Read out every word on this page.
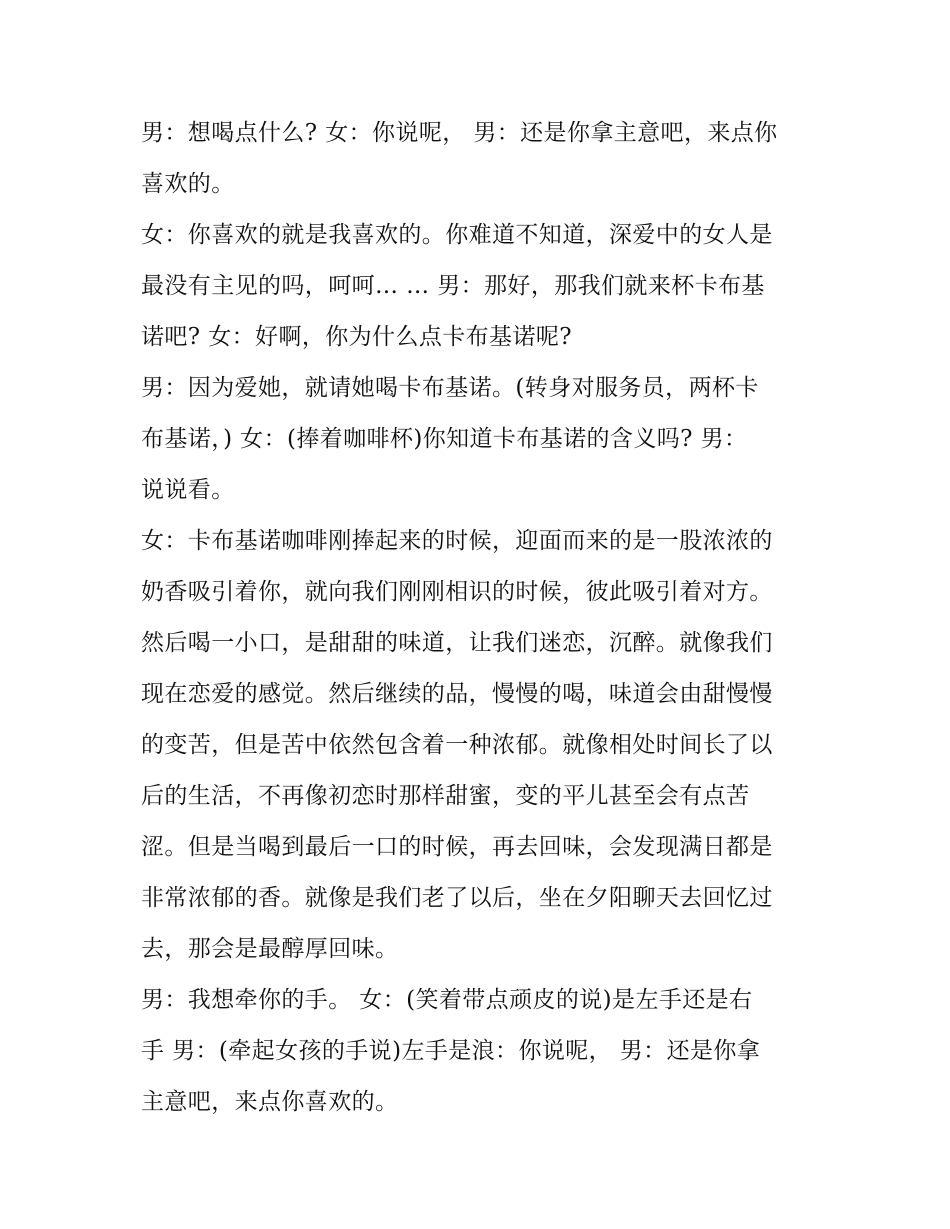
男：想喝点什么? 女：你说呢， 男：还是你拿主意吧，来点你
喜欢的。

女：你喜欢的就是我喜欢的。你难道不知道，深爱中的女人是
最没有主见的吗，呵呵… … 男：那好，那我们就来杯卡布基
诺吧? 女：好啊，你为什么点卡布基诺呢?

男：因为爱她，就请她喝卡布基诺。(转身对服务员，两杯卡
布基诺，) 女：(捧着咖啡杯)你知道卡布基诺的含义吗? 男：
说说看。

女：卡布基诺咖啡刚捧起来的时候，迎面而来的是一股浓浓的
奶香吸引着你，就向我们刚刚相识的时候，彼此吸引着对方。
然后喝一小口，是甜甜的味道，让我们迷恋，沉醉。就像我们
现在恋爱的感觉。然后继续的品，慢慢的喝，味道会由甜慢慢
的变苦，但是苦中依然包含着一种浓郁。就像相处时间长了以
后的生活，不再像初恋时那样甜蜜，变的平儿甚至会有点苦
涩。但是当喝到最后一口的时候，再去回味，会发现满日都是
非常浓郁的香。就像是我们老了以后，坐在夕阳聊天去回忆过
去，那会是最醇厚回味。

男：我想牵你的手。 女：(笑着带点顽皮的说)是左手还是右
手 男：(牵起女孩的手说)左手是浪：你说呢， 男：还是你拿
主意吧，来点你喜欢的。
